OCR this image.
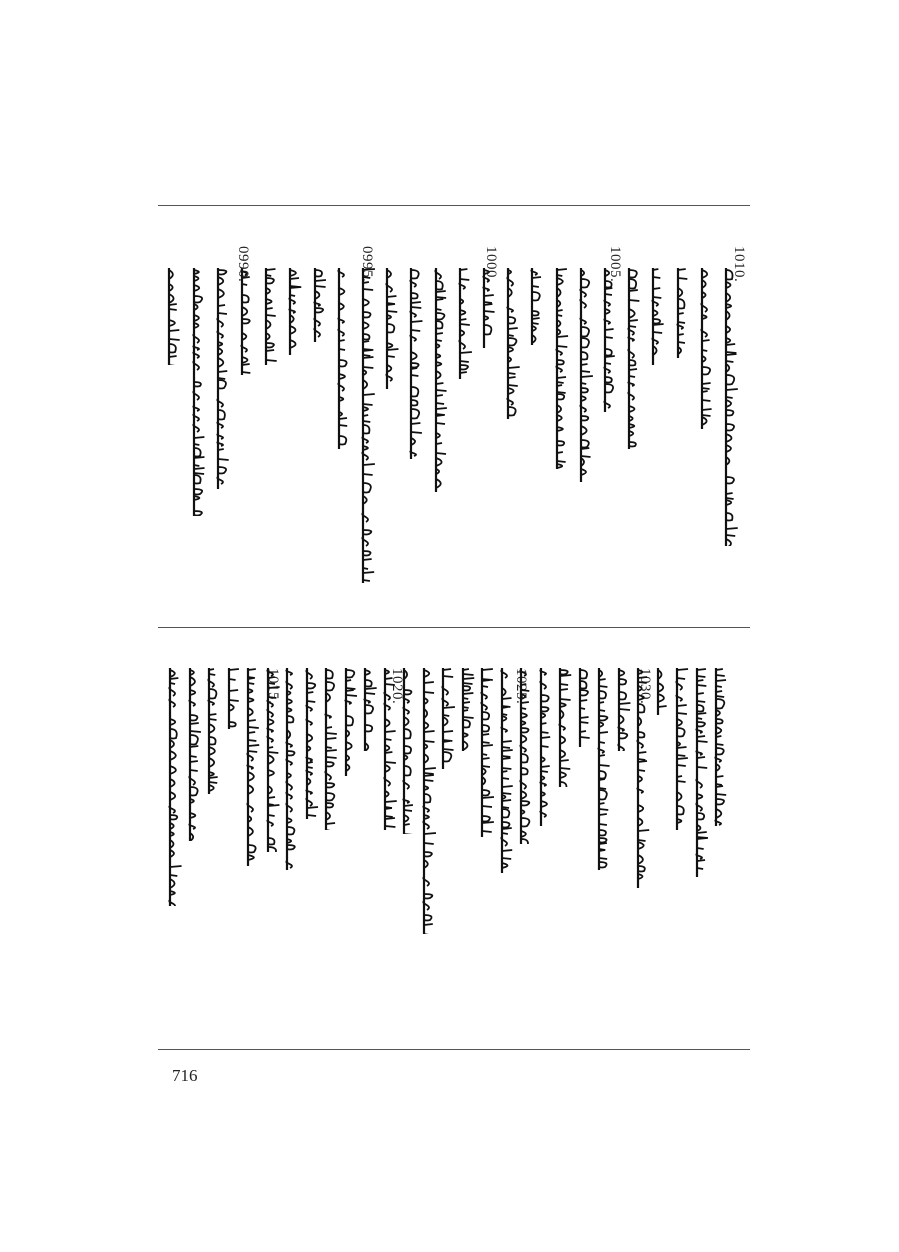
1010.
1005.
1000.
0995.
0990.
1030.
1025.
1020.
1015.
716
